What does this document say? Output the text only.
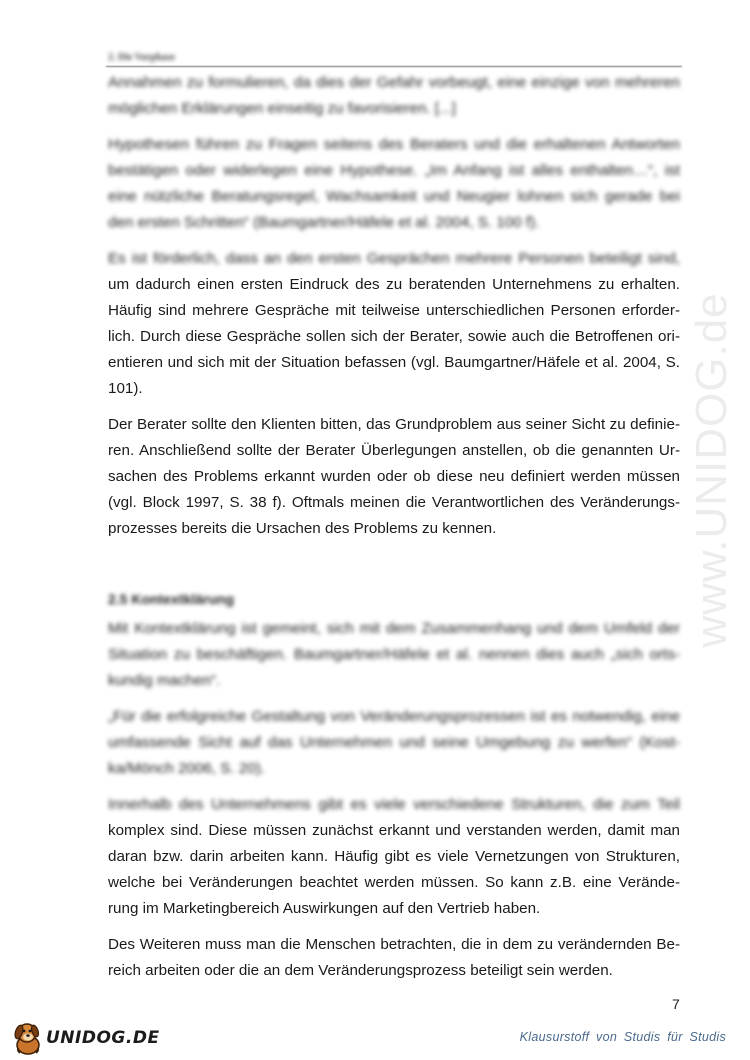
www.UNIDOG.de
2. Die Vorphase

Annahmen zu formulieren, da dies der Gefahr vorbeugt, eine einzige von mehreren möglichen Erklärungen einseitig zu favorisieren. [...]

Hypothesen führen zu Fragen seitens des Beraters und die erhaltenen Antworten bestätigen oder widerlegen eine Hypothese. „Im Anfang ist alles enthalten…“, ist eine nützliche Beratungsregel, Wachsamkeit und Neugier lohnen sich gerade bei den ersten Schritten“ (Baumgartner/Häfele et al. 2004, S. 100 f).

Es ist förderlich, dass an den ersten Gesprächen mehrere Personen beteiligt sind, um dadurch einen ersten Eindruck des zu beratenden Unternehmens zu erhalten. Häufig sind mehrere Gespräche mit teilweise unterschiedlichen Personen erforderlich. Durch diese Gespräche sollen sich der Berater, sowie auch die Betroffenen orientieren und sich mit der Situation befassen (vgl. Baumgartner/Häfele et al. 2004, S. 101).

Der Berater sollte den Klienten bitten, das Grundproblem aus seiner Sicht zu definieren. Anschließend sollte der Berater Überlegungen anstellen, ob die genannten Ursachen des Problems erkannt wurden oder ob diese neu definiert werden müssen (vgl. Block 1997, S. 38 f). Oftmals meinen die Verantwortlichen des Veränderungsprozesses bereits die Ursachen des Problems zu kennen.

2.5 Kontextklärung

Mit Kontextklärung ist gemeint, sich mit dem Zusammenhang und dem Umfeld der Situation zu beschäftigen. Baumgartner/Häfele et al. nennen dies auch „sich ortskundig machen“.

„Für die erfolgreiche Gestaltung von Veränderungsprozessen ist es notwendig, eine umfassende Sicht auf das Unternehmen und seine Umgebung zu werfen“ (Kostka/Mönch 2006, S. 20).

Innerhalb des Unternehmens gibt es viele verschiedene Strukturen, die zum Teil komplex sind. Diese müssen zunächst erkannt und verstanden werden, damit man daran bzw. darin arbeiten kann. Häufig gibt es viele Vernetzungen von Strukturen, welche bei Veränderungen beachtet werden müssen. So kann z.B. eine Veränderung im Marketingbereich Auswirkungen auf den Vertrieb haben.

Des Weiteren muss man die Menschen betrachten, die in dem zu verändernden Bereich arbeiten oder die an dem Veränderungsprozess beteiligt sein werden.

7
UNIDOG.DE	Klausurstoff von Studis für Studis
